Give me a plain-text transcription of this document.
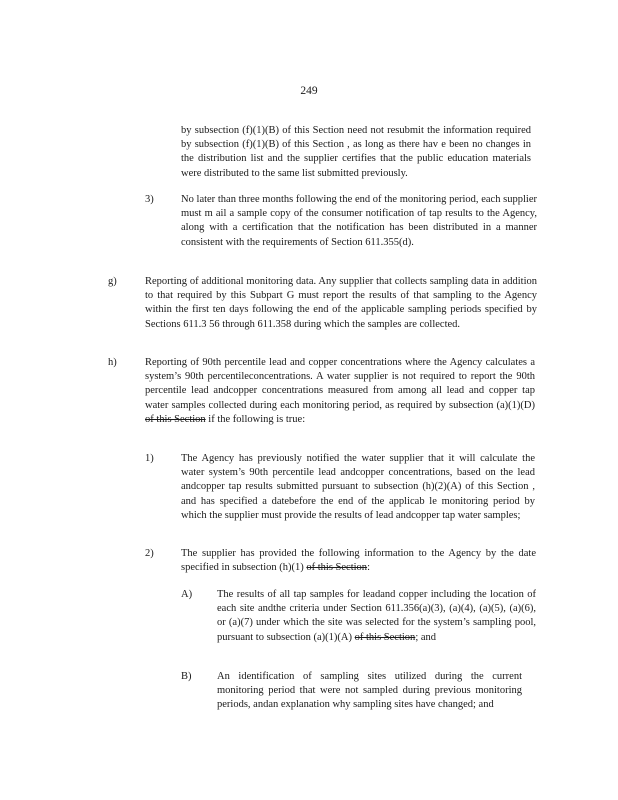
249
by subsection (f)(1)(B) of this Section need not resubmit the information required by subsection (f)(1)(B) of this Section , as long as there hav e been no changes in the distribution list and the supplier certifies that the public education materials were distributed to the same list submitted previously.
3)	No later than three months following the end of the monitoring period, each supplier must m ail a sample copy of the consumer notification of tap results to the Agency, along with a certification that the notification has been distributed in a manner consistent with the requirements of Section 611.355(d).
g)	Reporting of additional monitoring data. Any supplier that collects sampling data in addition to that required by this Subpart G must report the results of that sampling to the Agency within the first ten days following the end of the applicable sampling periods specified by Sections 611.3 56 through 611.358 during which the samples are collected.
h)	Reporting of 90th percentile lead and copper concentrations where the Agency calculates a system’s 90th percentileconcentrations. A water supplier is not required to report the 90th percentile lead andcopper concentrations measured from among all lead and copper tap water samples collected during each monitoring period, as required by subsection (a)(1)(D) of this Section if the following is true:
1)	The Agency has previously notified the water supplier that it will calculate the water system’s 90th percentile lead andcopper concentrations, based on the lead andcopper tap results submitted pursuant to subsection (h)(2)(A) of this Section , and has specified a datebefore the end of the applicab le monitoring period by which the supplier must provide the results of lead andcopper tap water samples;
2)	The supplier has provided the following information to the Agency by the date specified in subsection (h)(1) of this Section:
A) The results of all tap samples for leadand copper including the location of each site andthe criteria under Section 611.356(a)(3), (a)(4), (a)(5), (a)(6), or (a)(7) under which the site was selected for the system’s sampling pool, pursuant to subsection (a)(1)(A) of this Section; and
B) An identification of sampling sites utilized during the current monitoring period that were not sampled during previous monitoring periods, andan explanation why sampling sites have changed; and
